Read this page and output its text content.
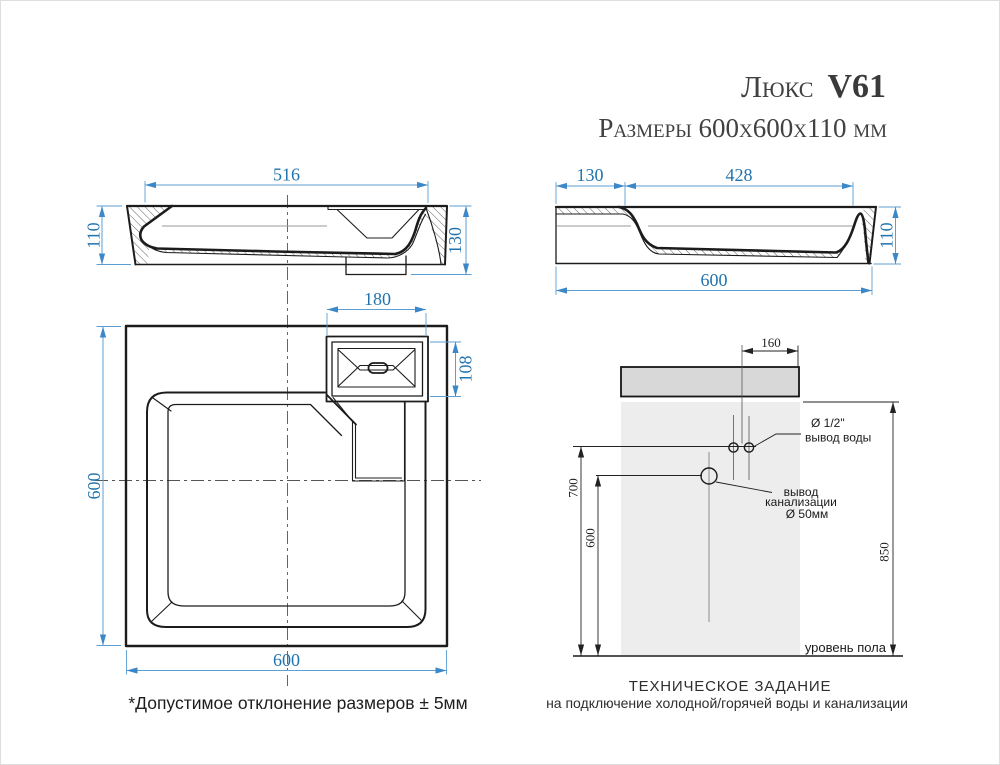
Люкс V61
Размеры 600х600х110 мм
516
110	130
130	428
600
110
180
108
600
600
Ø 1/2"
вывод воды
вывод
канализации
Ø 50мм
уровень пола
160
700
600
850
*Допустимое отклонение размеров ± 5мм
ТЕХНИЧЕСКОЕ ЗАДАНИЕ
на подключение холодной/горячей воды и канализации
